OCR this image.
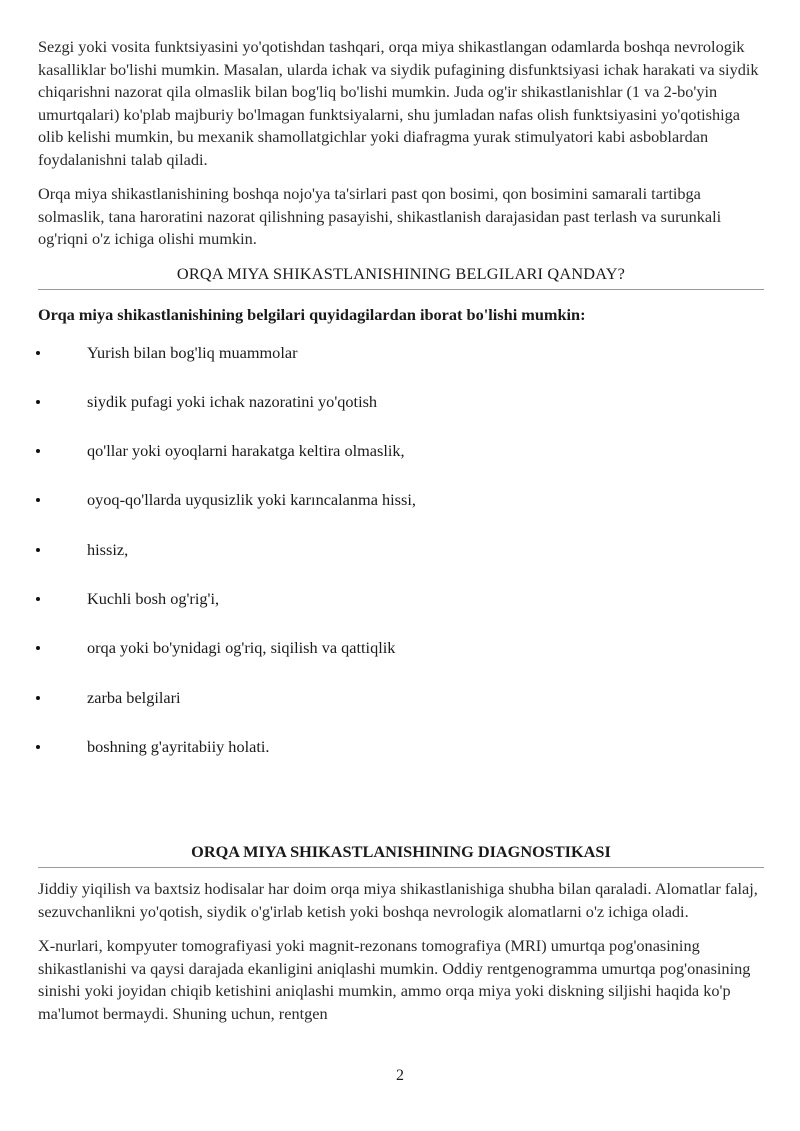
Sezgi yoki vosita funktsiyasini yo'qotishdan tashqari, orqa miya shikastlangan odamlarda boshqa nevrologik kasalliklar bo'lishi mumkin. Masalan, ularda ichak va siydik pufagining disfunktsiyasi ichak harakati va siydik chiqarishni nazorat qila olmaslik bilan bog'liq bo'lishi mumkin. Juda og'ir shikastlanishlar (1 va 2-bo'yin umurtqalari) ko'plab majburiy bo'lmagan funktsiyalarni, shu jumladan nafas olish funktsiyasini yo'qotishiga olib kelishi mumkin, bu mexanik shamollatgichlar yoki diafragma yurak stimulyatori kabi asboblardan foydalanishni talab qiladi.

Orqa miya shikastlanishining boshqa nojo'ya ta'sirlari past qon bosimi, qon bosimini samarali tartibga solmaslik, tana haroratini nazorat qilishning pasayishi, shikastlanish darajasidan past terlash va surunkali og'riqni o'z ichiga olishi mumkin.

ORQA MIYA SHIKASTLANISHINING BELGILARI QANDAY?
Orqa miya shikastlanishining belgilari quyidagilardan iborat bo'lishi mumkin:
Yurish bilan bog'liq muammolar
siydik pufagi yoki ichak nazoratini yo'qotish
qo'llar yoki oyoqlarni harakatga keltira olmaslik,
oyoq-qo'llarda uyqusizlik yoki karıncalanma hissi,
hissiz,
Kuchli bosh og'rig'i,
orqa yoki bo'ynidagi og'riq, siqilish va qattiqlik
zarba belgilari
boshning g'ayritabiiy holati.
ORQA MIYA SHIKASTLANISHINING DIAGNOSTIKASI

Jiddiy yiqilish va baxtsiz hodisalar har doim orqa miya shikastlanishiga shubha bilan qaraladi. Alomatlar falaj, sezuvchanlikni yo'qotish, siydik o'g'irlab ketish yoki boshqa nevrologik alomatlarni o'z ichiga oladi.

X-nurlari, kompyuter tomografiyasi yoki magnit-rezonans tomografiya (MRI) umurtqa pog'onasining shikastlanishi va qaysi darajada ekanligini aniqlashi mumkin. Oddiy rentgenogramma umurtqa pog'onasining sinishi yoki joyidan chiqib ketishini aniqlashi mumkin, ammo orqa miya yoki diskning siljishi haqida ko'p ma'lumot bermaydi. Shuning uchun, rentgen

2
